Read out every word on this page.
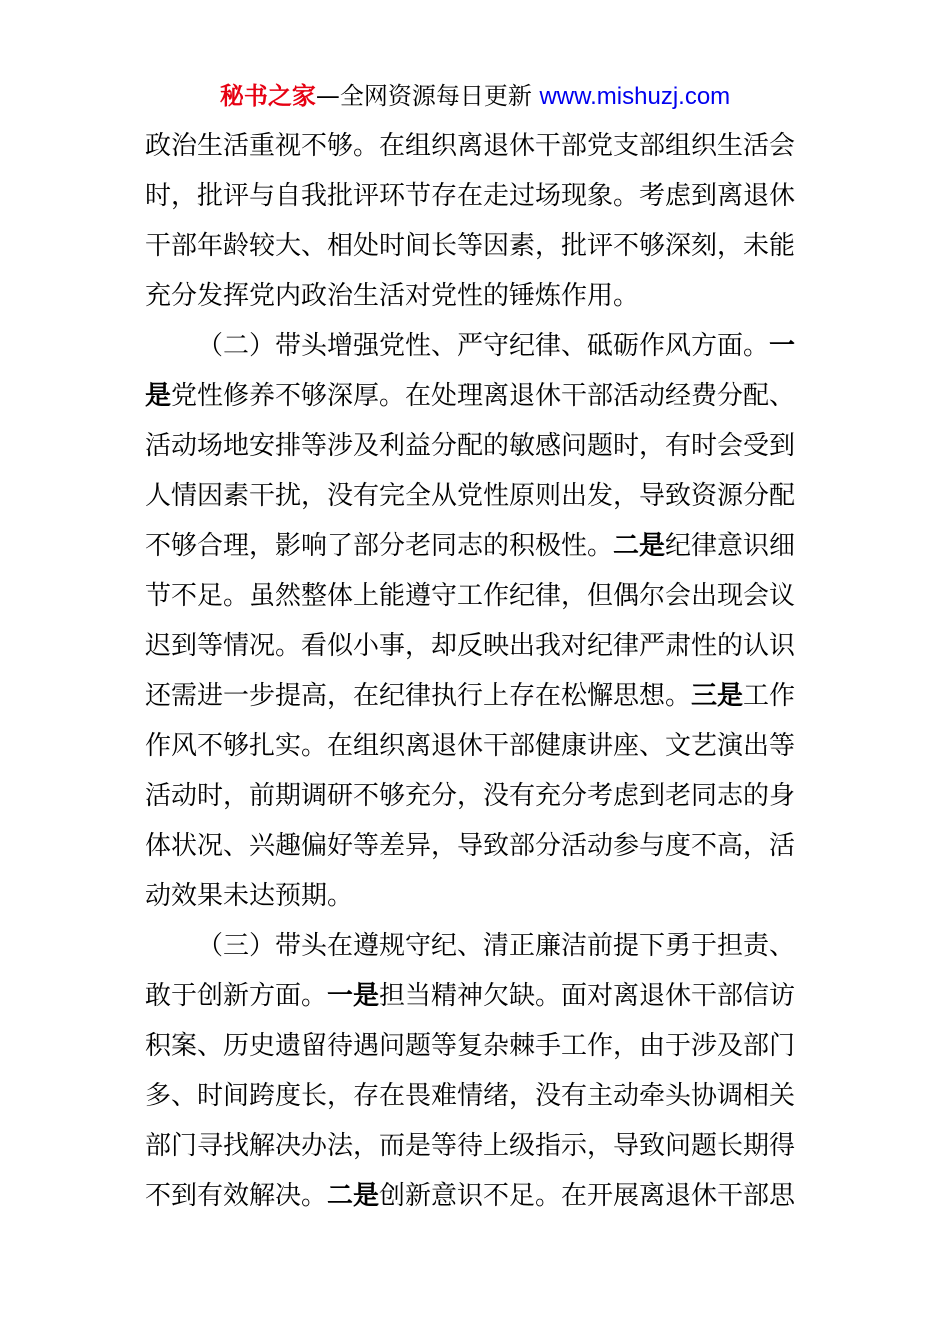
秘书之家—全网资源每日更新 www.mishuzj.com
政治生活重视不够。在组织离退休干部党支部组织生活会
时，批评与自我批评环节存在走过场现象。考虑到离退休
干部年龄较大、相处时间长等因素，批评不够深刻，未能
充分发挥党内政治生活对党性的锤炼作用。
（二）带头增强党性、严守纪律、砥砺作风方面。一
是党性修养不够深厚。在处理离退休干部活动经费分配、
活动场地安排等涉及利益分配的敏感问题时，有时会受到
人情因素干扰，没有完全从党性原则出发，导致资源分配
不够合理，影响了部分老同志的积极性。二是纪律意识细
节不足。虽然整体上能遵守工作纪律，但偶尔会出现会议
迟到等情况。看似小事，却反映出我对纪律严肃性的认识
还需进一步提高，在纪律执行上存在松懈思想。三是工作
作风不够扎实。在组织离退休干部健康讲座、文艺演出等
活动时，前期调研不够充分，没有充分考虑到老同志的身
体状况、兴趣偏好等差异，导致部分活动参与度不高，活
动效果未达预期。
（三）带头在遵规守纪、清正廉洁前提下勇于担责、
敢于创新方面。一是担当精神欠缺。面对离退休干部信访
积案、历史遗留待遇问题等复杂棘手工作，由于涉及部门
多、时间跨度长，存在畏难情绪，没有主动牵头协调相关
部门寻找解决办法，而是等待上级指示，导致问题长期得
不到有效解决。二是创新意识不足。在开展离退休干部思
